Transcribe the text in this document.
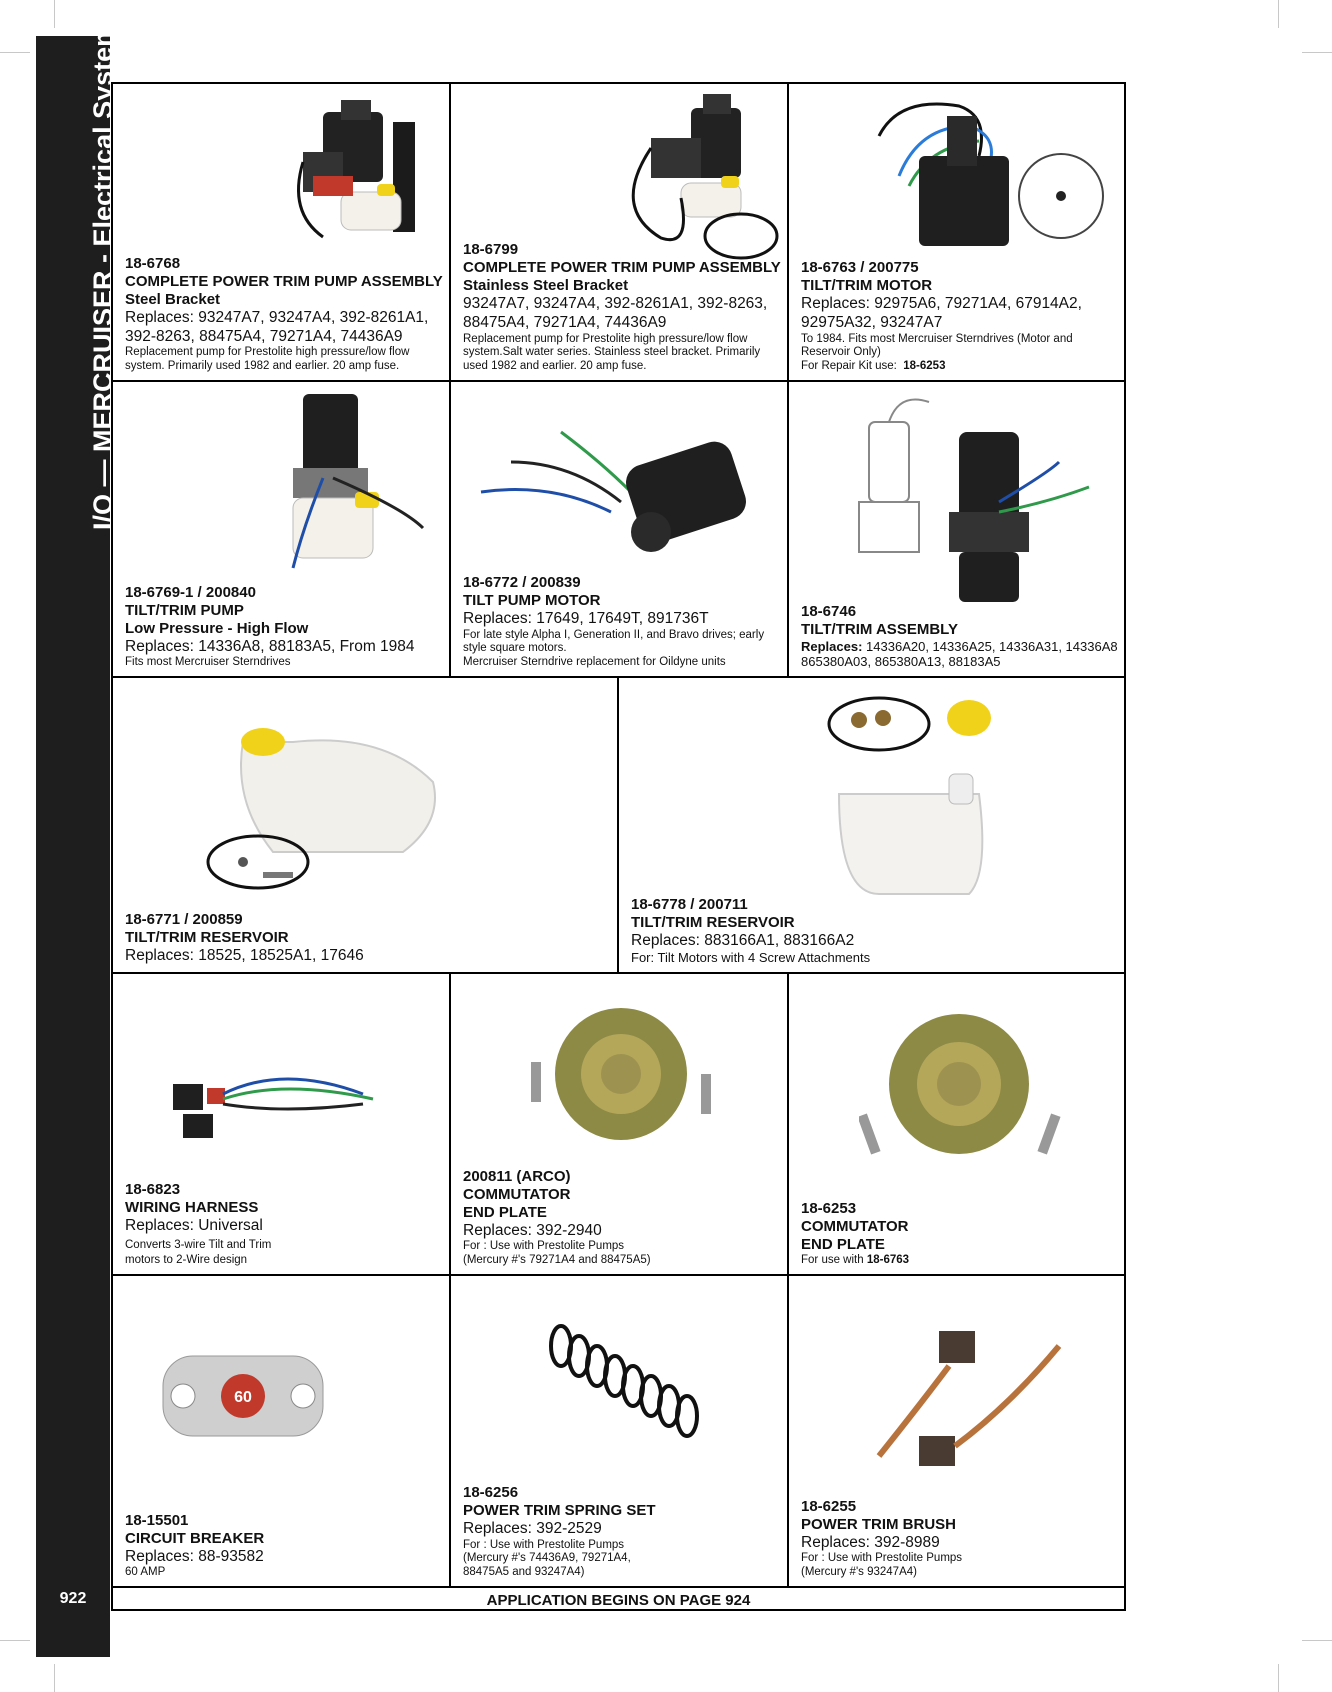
I/O — MERCRUISER - Electrical System
922
18-6768
COMPLETE POWER TRIM PUMP ASSEMBLY
Steel Bracket
Replaces: 93247A7, 93247A4, 392-8261A1, 392-8263, 88475A4, 79271A4, 74436A9
Replacement pump for Prestolite high pressure/low flow system. Primarily used 1982 and earlier. 20 amp fuse.
18-6799
COMPLETE POWER TRIM PUMP ASSEMBLY
Stainless Steel Bracket
93247A7, 93247A4, 392-8261A1, 392-8263, 88475A4, 79271A4, 74436A9
Replacement pump for Prestolite high pressure/low flow system.Salt water series. Stainless steel bracket. Primarily used 1982 and earlier. 20 amp fuse.
18-6763 / 200775
TILT/TRIM MOTOR
Replaces: 92975A6, 79271A4, 67914A2, 92975A32, 93247A7
To 1984. Fits most Mercruiser Sterndrives (Motor and Reservoir Only)
For Repair Kit use: 18-6253
18-6769-1 / 200840
TILT/TRIM PUMP
Low Pressure - High Flow
Replaces: 14336A8, 88183A5, From 1984
Fits most Mercruiser Sterndrives
18-6772 / 200839
TILT PUMP MOTOR
Replaces: 17649, 17649T, 891736T
For late style Alpha I, Generation II, and Bravo drives; early style square motors.
Mercruiser Sterndrive replacement for Oildyne units
18-6746
TILT/TRIM ASSEMBLY
Replaces: 14336A20, 14336A25, 14336A31, 14336A8 865380A03, 865380A13, 88183A5
18-6771 / 200859
TILT/TRIM RESERVOIR
Replaces: 18525, 18525A1, 17646
18-6778 / 200711
TILT/TRIM RESERVOIR
Replaces: 883166A1, 883166A2
For: Tilt Motors with 4 Screw Attachments
18-6823
WIRING HARNESS
Replaces: Universal
Converts 3-wire Tilt and Trim
motors to 2-Wire design
200811 (ARCO)
COMMUTATOR
END PLATE
Replaces: 392-2940
For : Use with Prestolite Pumps
(Mercury #'s 79271A4 and 88475A5)
18-6253
COMMUTATOR
END PLATE
For use with 18-6763
60
18-15501
CIRCUIT BREAKER
Replaces: 88-93582
60 AMP
18-6256
POWER TRIM SPRING SET
Replaces: 392-2529
For : Use with Prestolite Pumps
(Mercury #'s 74436A9, 79271A4,
88475A5 and 93247A4)
18-6255
POWER TRIM BRUSH
Replaces: 392-8989
For : Use with Prestolite Pumps
(Mercury #'s 93247A4)
APPLICATION BEGINS ON PAGE 924
